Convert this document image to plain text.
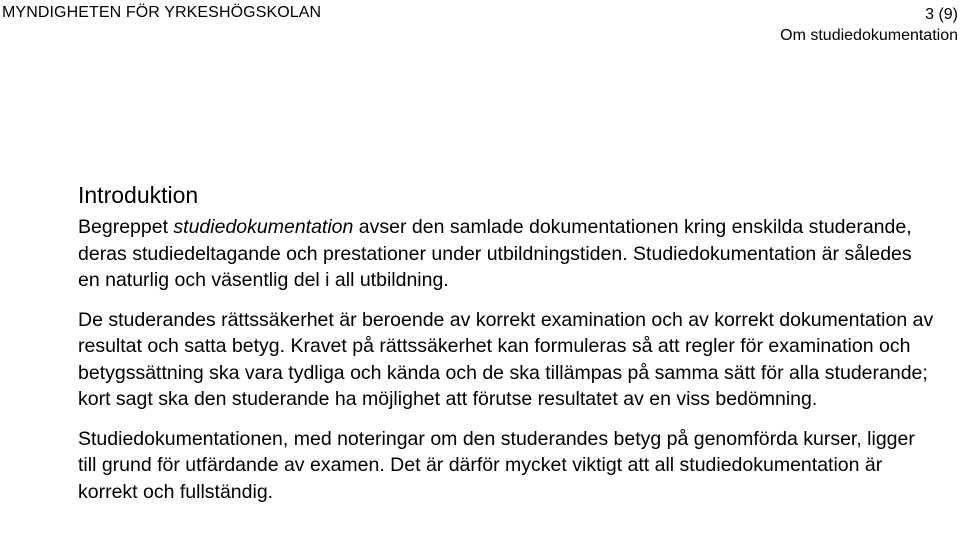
MYNDIGHETEN FÖR YRKESHÖGSKOLAN	3 (9)
Om studiedokumentation
Introduktion

Begreppet studiedokumentation avser den samlade dokumentationen kring enskilda studerande, deras studiedeltagande och prestationer under utbildningstiden. Studiedokumentation är således en naturlig och väsentlig del i all utbildning.

De studerandes rättssäkerhet är beroende av korrekt examination och av korrekt dokumentation av resultat och satta betyg. Kravet på rättssäkerhet kan formuleras så att regler för examination och betygssättning ska vara tydliga och kända och de ska tillämpas på samma sätt för alla studerande; kort sagt ska den studerande ha möjlighet att förutse resultatet av en viss bedömning.

Studiedokumentationen, med noteringar om den studerandes betyg på genomförda kurser, ligger till grund för utfärdande av examen. Det är därför mycket viktigt att all studiedokumentation är korrekt och fullständig.
